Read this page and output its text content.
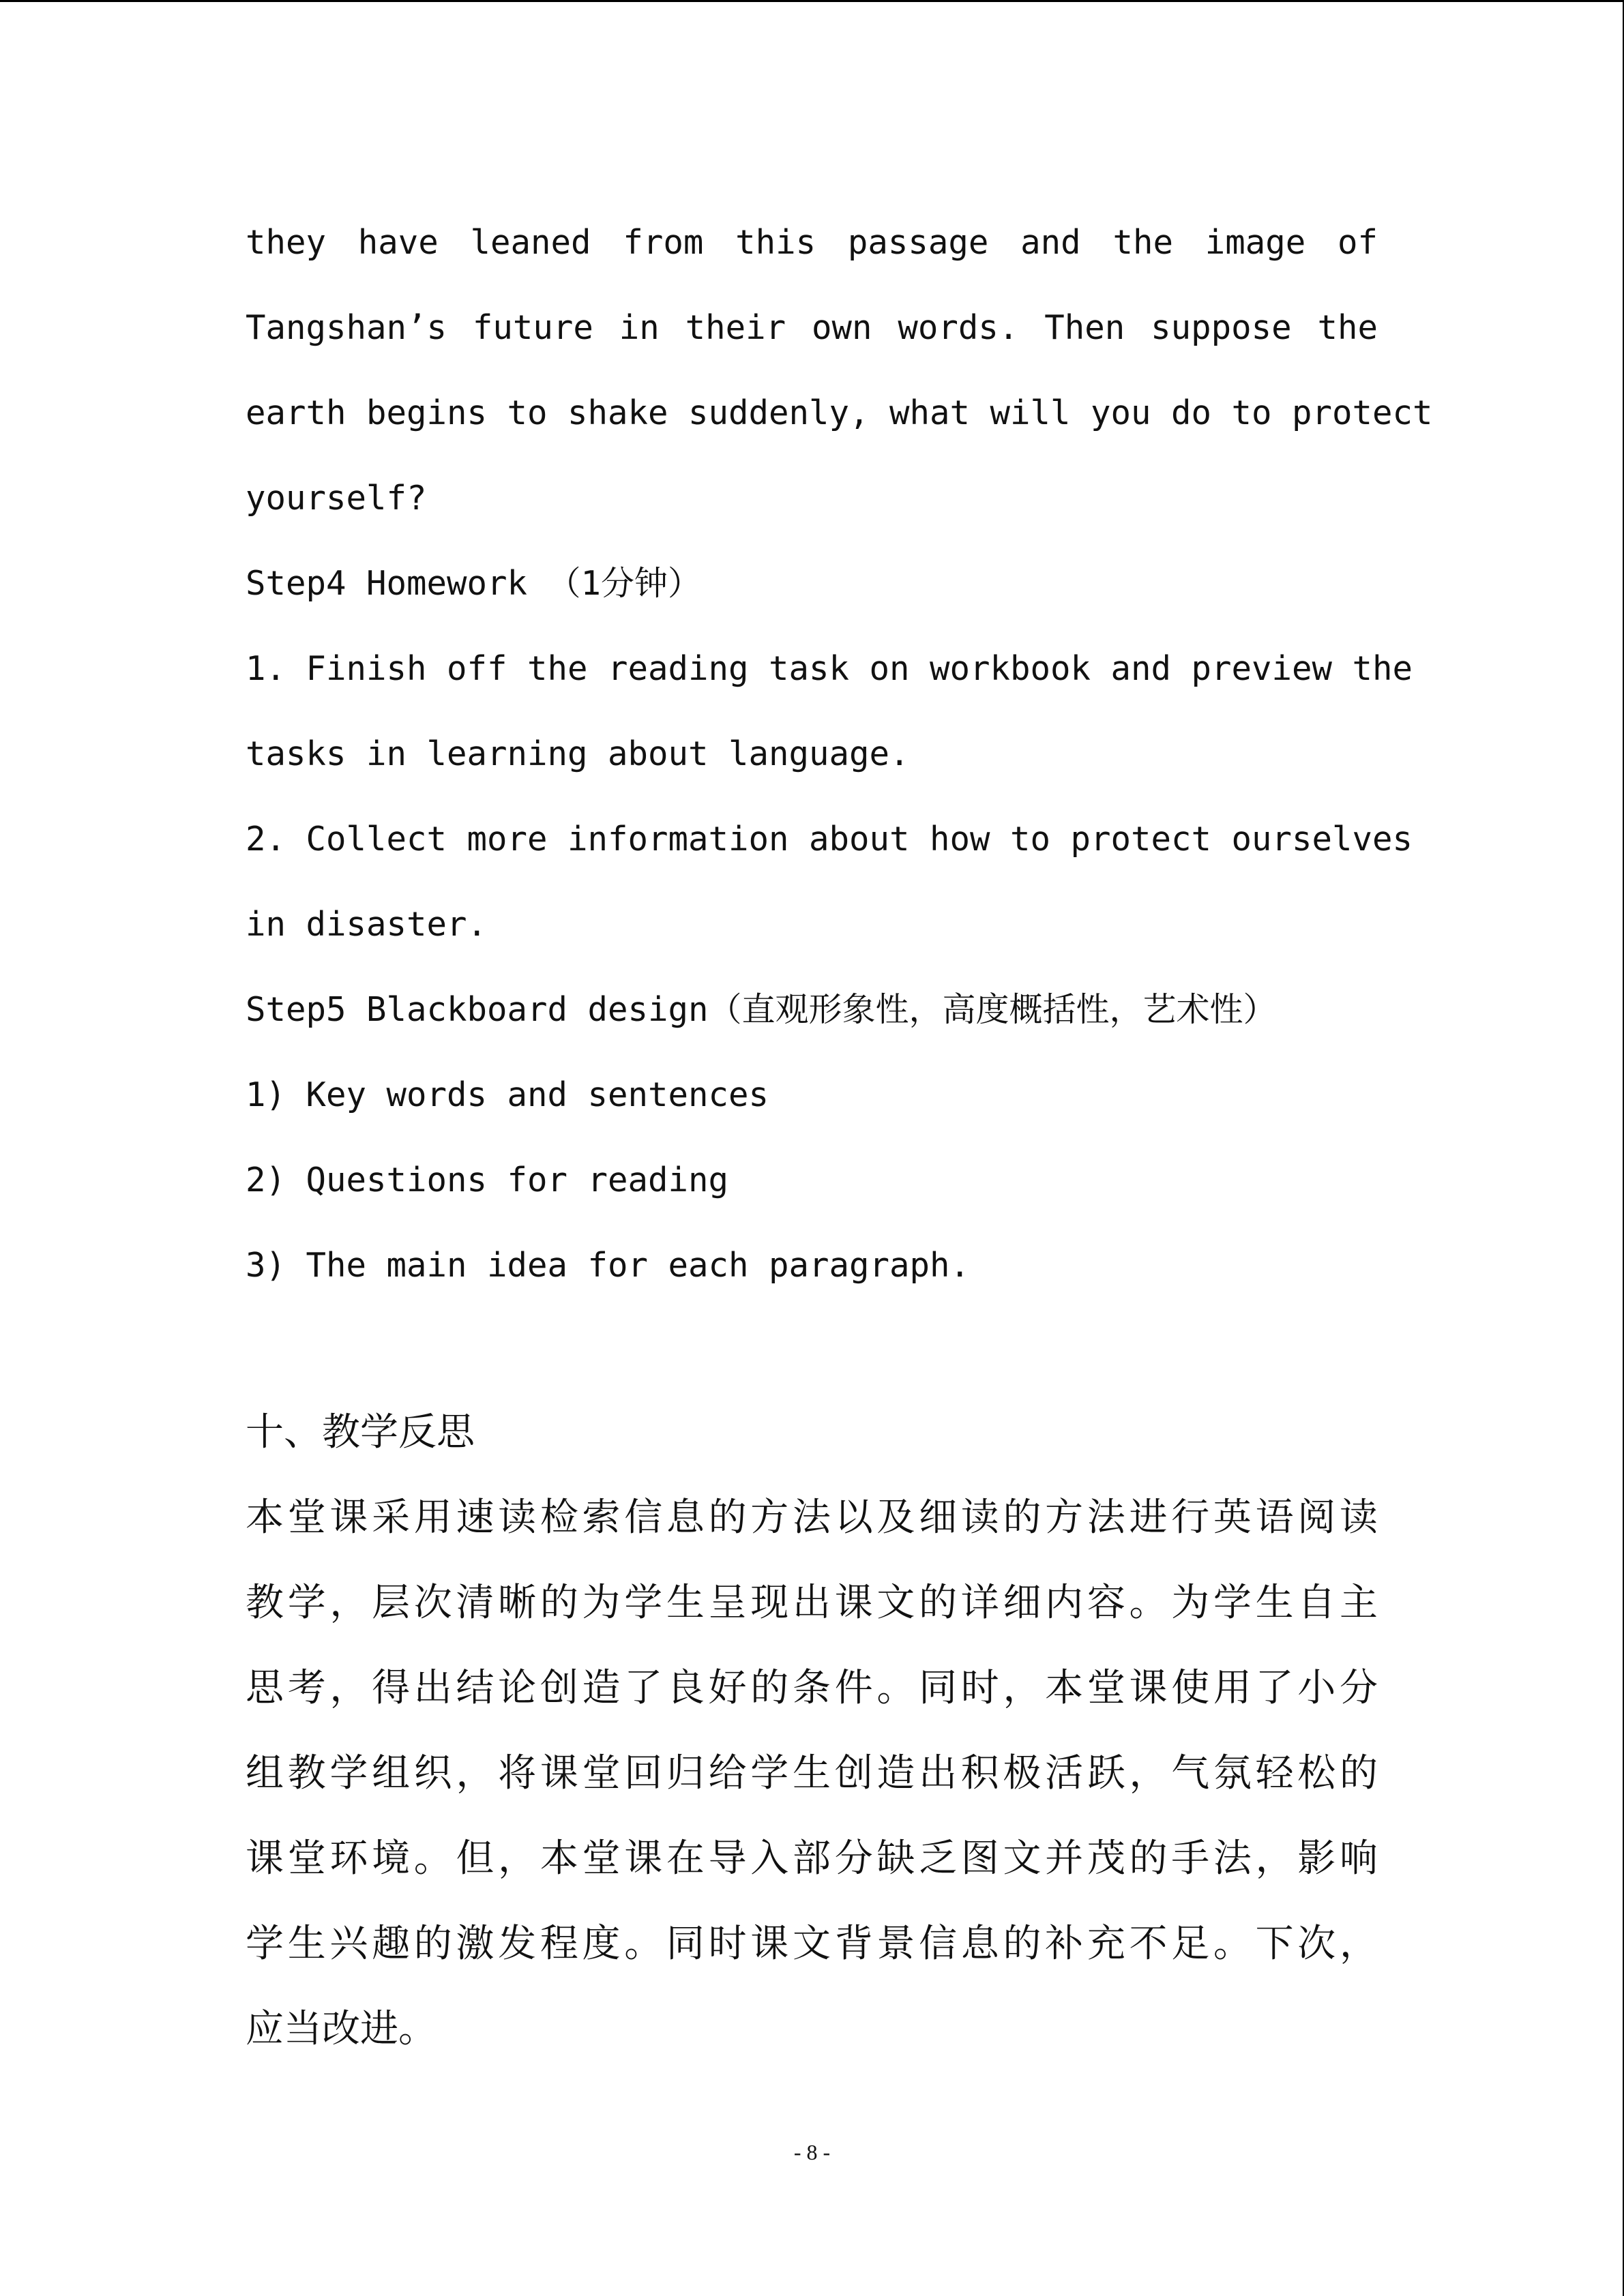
they have leaned from this passage and the image of
Tangshan’s future in their own words. Then suppose the
earth begins to shake suddenly, what will you do to protect
yourself?
Step4 Homework （1分钟）
1. Finish off the reading task on workbook and preview the
tasks in learning about language.
2. Collect more information about how to protect ourselves
in disaster.
Step5 Blackboard design（直观形象性，高度概括性，艺术性）
1) Key words and sentences
2) Questions for reading
3) The main idea for each paragraph.
十、教学反思
本堂课采用速读检索信息的方法以及细读的方法进行英语阅读
教学，层次清晰的为学生呈现出课文的详细内容。为学生自主
思考，得出结论创造了良好的条件。同时，本堂课使用了小分
组教学组织，将课堂回归给学生创造出积极活跃，气氛轻松的
课堂环境。但，本堂课在导入部分缺乏图文并茂的手法，影响
学生兴趣的激发程度。同时课文背景信息的补充不足。下次，
应当改进。
- 8 -
